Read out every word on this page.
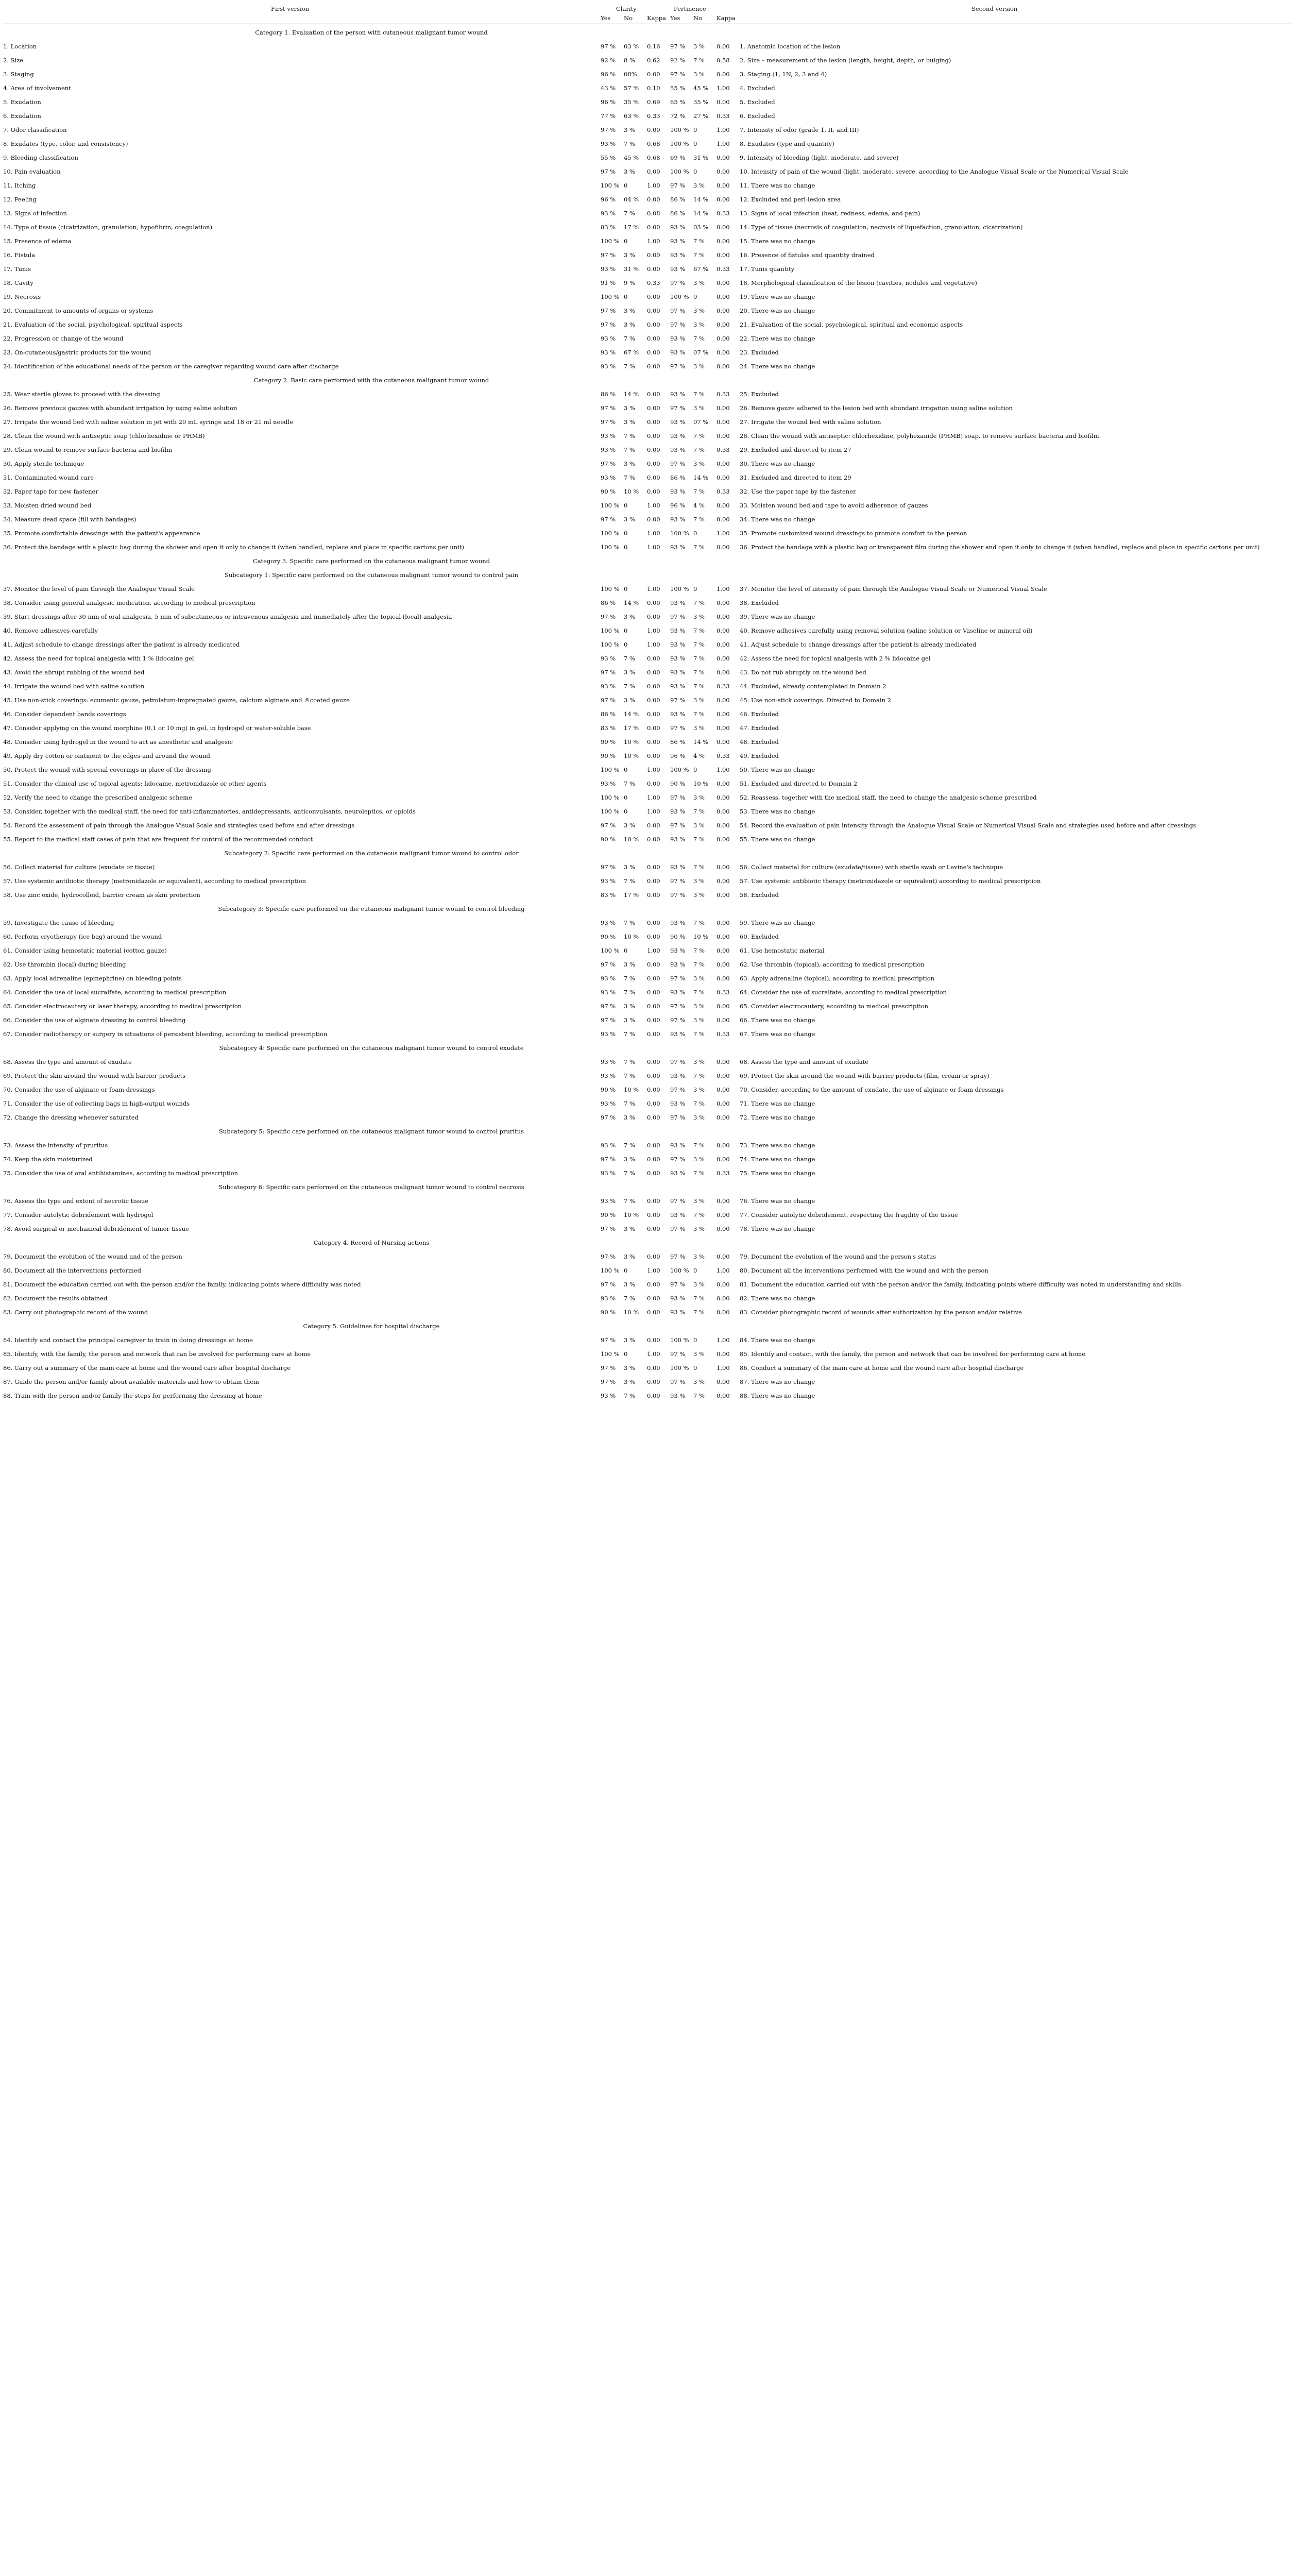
First version	Clarity	Pertinence	Second version
Yes No Kappa Yes No Kappa
Category 1. Evaluation of the person with cutaneous malignant tumor wound
1. Location	97 %	03 %	0.16	97 %	3 %	0.00	1. Anatomic location of the lesion
2. Size	92 %	8 %	0.62	92 %	7 %	0.58	2. Size – measurement of the lesion (length, height, depth, or bulging)
3. Staging	96 %	08%	0.00	97 %	3 %	0.00	3. Staging (1, 1N, 2, 3 and 4)
4. Area of involvement	43 %	57 %	0.10	55 %	45 %	1.00	4. Excluded
5. Exudation	96 %	35 %	0.69	65 %	35 %	0.00	5. Excluded
6. Exudation	77 %	63 %	0.33	72 %	27 %	0.33	6. Excluded
7. Odor classification	97 %	3 %	0.00	100 % 0	1.00	7. Intensity of odor (grade 1, II, and III)
8. Exudates (type, color, and consistency)	93 %	7 %	0.68	100 % 0	1.00	8. Exudates (type and quantity)
9. Bleeding classification	55 %	45 %	0.68	69 %	31 %	0.00	9. Intensity of bleeding (light, moderate, and severe)
10. Pain evaluation	97 %	3 %	0.00	100 % 0	0.00	10. Intensity of pain of the wound (light, moderate, severe, according to the Analogue Visual Scale or the Numerical Visual Scale
11. Itching	100 % 0	1.00	97 %	3 %	0.00	11. There was no change
12. Peeling	96 %	04 %	0.00	86 %	14 %	0.00	12. Excluded and peri-lesion area
13. Signs of infection	93 %	7 %	0.08	86 %	14 %	0.33	13. Signs of local infection (heat, redness, edema, and pain)
14. Type of tissue (cicatrization, granulation, hypofibrin, coagulation)	83 %	17 %	0.00	93 %	03 %	0.00	14. Type of tissue (necrosis of coagulation, necrosis of liquefaction, granulation, cicatrization)
15. Presence of edema	100 % 0	1.00	93 %	7 %	0.00	15. There was no change
16. Fistula	97 %	3 %	0.00	93 %	7 %	0.00	16. Presence of fistulas and quantity drained
17. Tunis	93 %	31 %	0.00	93 %	67 %	0.33	17. Tunis quantity
18. Cavity	91 %	9 %	0.33	97 %	3 %	0.00	18. Morphological classification of the lesion (cavities, nodules and vegetative)
19. Necrosis	100 % 0	0.00	100 % 0	0.00	19. There was no change
20. Commitment to amounts of organs or systems	97 %	3 %	0.00	97 %	3 %	0.00	20. There was no change
21. Evaluation of the social, psychological, spiritual aspects	97 %	3 %	0.00	97 %	3 %	0.00	21. Evaluation of the social, psychological, spiritual and economic aspects
22. Progression or change of the wound	93 %	7 %	0.00	93 %	7 %	0.00	22. There was no change
23. On-cutaneous/gastric products for the wound	93 %	67 %	0.00	93 %	07 %	0.00	23. Excluded
24. Identification of the educational needs of the person or the caregiver regarding wound care after discharge	93 %	7 %	0.00	97 %	3 %	0.00	24. There was no change
Category 2. Basic care performed with the cutaneous malignant tumor wound
25. Wear sterile gloves to proceed with the dressing	86 %	14 %	0.00	93 %	7 %	0.33	25. Excluded
26. Remove previous gauzes with abundant irrigation by using saline solution	97 %	3 %	0.00	97 %	3 %	0.00	26. Remove gauze adhered to the lesion bed with abundant irrigation using saline solution
27. Irrigate the wound bed with saline solution in jet with 20 mL syringe and 18 or 21 ml needle	97 %	3 %	0.00	93 %	07 %	0.00	27. Irrigate the wound bed with saline solution
28. Clean the wound with antiseptic soap (chlorhexidine or PHMB)	93 %	7 %	0.00	93 %	7 %	0.00	28. Clean the wound with antiseptic: chlorhexidine, polyhexanide (PHMB) soap, to remove surface bacteria and biofilm
29. Clean wound to remove surface bacteria and biofilm	93 %	7 %	0.00	93 %	7 %	0.33	29. Excluded and directed to item 27
30. Apply sterile technique	97 %	3 %	0.00	97 %	3 %	0.00	30. There was no change
31. Contaminated wound care	93 %	7 %	0.00	86 %	14 %	0.00	31. Excluded and directed to item 29
32. Paper tape for new fastener	90 %	10 %	0.00	93 %	7 %	0.33	32. Use the paper tape by the fastener
33. Moisten dried wound bed	100 % 0	1.00	96 %	4 %	0.00	33. Moisten wound bed and tape to avoid adherence of gauzes
34. Measure dead space (fill with bandages)	97 %	3 %	0.00	93 %	7 %	0.00	34. There was no change
35. Promote comfortable dressings with the patient's appearance	100 % 0	1.00	100 % 0	1.00	35. Promote customized wound dressings to promote comfort to the person
36. Protect the bandage with a plastic bag during the shower and open it only to change it (when handled, replace and place in specific cartons per unit)	100 % 0	1.00	93 %	7 %	0.00	36. Protect the bandage with a plastic bag or transparent film during the shower and open it only to change it (when handled, replace and place in specific cartons per unit)
Category 3. Specific care performed on the cutaneous malignant tumor wound
Subcategory 1: Specific care performed on the cutaneous malignant tumor wound to control pain
37. Monitor the level of pain through the Analogue Visual Scale	100 % 0	1.00	100 % 0	1.00	37. Monitor the level of intensity of pain through the Analogue Visual Scale or Numerical Visual Scale
38. Consider using general analgesic medication, according to medical prescription	86 %	14 %	0.00	93 %	7 %	0.00	38. Excluded
39. Start dressings after 30 min of oral analgesia, 5 min of subcutaneous or intravenous analgesia and immediately after the topical (local) analgesia	97 %	3 %	0.00	97 %	3 %	0.00	39. There was no change
40. Remove adhesives carefully	100 % 0	1.00	93 %	7 %	0.00	40. Remove adhesives carefully using removal solution (saline solution or Vaseline or mineral oil)
41. Adjust schedule to change dressings after the patient is already medicated	100 % 0	1.00	93 %	7 %	0.00	41. Adjust schedule to change dressings after the patient is already medicated
42. Assess the need for topical analgesia with 1 % lidocaine gel	93 %	7 %	0.00	93 %	7 %	0.00	42. Assess the need for topical analgesia with 2 % lidocaine gel
43. Avoid the abrupt rubbing of the wound bed	97 %	3 %	0.00	93 %	7 %	0.00	43. Do not rub abruptly on the wound bed
44. Irrigate the wound bed with saline solution	93 %	7 %	0.00	93 %	7 %	0.33	44. Excluded, already contemplated in Domain 2
45. Use non-stick coverings: ecumenic gauze, petrolatum-impregnated gauze, calcium alginate and ®coated gauze	97 %	3 %	0.00	97 %	3 %	0.00	45. Use non-stick coverings. Directed to Domain 2
46. Consider dependent bands coverings	86 %	14 %	0.00	93 %	7 %	0.00	46. Excluded
47. Consider applying on the wound morphine (0.1 or 10 mg) in gel, in hydrogel or water-soluble base	83 %	17 %	0.00	97 %	3 %	0.00	47. Excluded
48. Consider using hydrogel in the wound to act as anesthetic and analgesic	90 %	10 %	0.00	86 %	14 %	0.00	48. Excluded
49. Apply dry cotton or ointment to the edges and around the wound	90 %	10 %	0.00	96 %	4 %	0.33	49. Excluded
50. Protect the wound with special coverings in place of the dressing	100 % 0	1.00	100 % 0	1.00	50. There was no change
51. Consider the clinical use of topical agents: lidocaine, metronidazole or other agents	93 %	7 %	0.00	90 %	10 %	0.00	51. Excluded and directed to Domain 2
52. Verify the need to change the prescribed analgesic scheme	100 % 0	1.00	97 %	3 %	0.00	52. Reassess, together with the medical staff, the need to change the analgesic scheme prescribed
53. Consider, together with the medical staff, the need for anti-inflammatories, antidepressants, anticonvulsants, neuroleptics, or opioids	100 % 0	1.00	93 %	7 %	0.00	53. There was no change
54. Record the assessment of pain through the Analogue Visual Scale and strategies used before and after dressings	97 %	3 %	0.00	97 %	3 %	0.00	54. Record the evaluation of pain intensity through the Analogue Visual Scale or Numerical Visual Scale and strategies used before and after dressings
55. Report to the medical staff cases of pain that are frequent for control of the recommended conduct	90 %	10 %	0.00	93 %	7 %	0.00	55. There was no change
Subcategory 2: Specific care performed on the cutaneous malignant tumor wound to control odor
56. Collect material for culture (exudate or tissue)	97 %	3 %	0.00	93 %	7 %	0.00	56. Collect material for culture (exudate/tissue) with sterile swab or Levine's technique
57. Use systemic antibiotic therapy (metronidazole or equivalent), according to medical prescription	93 %	7 %	0.00	97 %	3 %	0.00	57. Use systemic antibiotic therapy (metronidazole or equivalent) according to medical prescription
58. Use zinc oxide, hydrocolloid, barrier cream as skin protection	83 %	17 %	0.00	97 %	3 %	0.00	58. Excluded
Subcategory 3: Specific care performed on the cutaneous malignant tumor wound to control bleeding
59. Investigate the cause of bleeding	93 %	7 %	0.00	93 %	7 %	0.00	59. There was no change
60. Perform cryotherapy (ice bag) around the wound	90 %	10 %	0.00	90 %	10 %	0.00	60. Excluded
61. Consider using hemostatic material (cotton gauze)	100 % 0	1.00	93 %	7 %	0.00	61. Use hemostatic material
62. Use thrombin (local) during bleeding	97 %	3 %	0.00	93 %	7 %	0.00	62. Use thrombin (topical), according to medical prescription
63. Apply local adrenaline (epinephrine) on bleeding points	93 %	7 %	0.00	97 %	3 %	0.00	63. Apply adrenaline (topical), according to medical prescription
64. Consider the use of local sucralfate, according to medical prescription	93 %	7 %	0.00	93 %	7 %	0.33	64. Consider the use of sucralfate, according to medical prescription
65. Consider electrocautery or laser therapy, according to medical prescription	97 %	3 %	0.00	97 %	3 %	0.00	65. Consider electrocautery, according to medical prescription
66. Consider the use of alginate dressing to control bleeding	97 %	3 %	0.00	97 %	3 %	0.00	66. There was no change
67. Consider radiotherapy or surgery in situations of persistent bleeding, according to medical prescription	93 %	7 %	0.00	93 %	7 %	0.33	67. There was no change
Subcategory 4: Specific care performed on the cutaneous malignant tumor wound to control exudate
68. Assess the type and amount of exudate	93 %	7 %	0.00	97 %	3 %	0.00	68. Assess the type and amount of exudate
69. Protect the skin around the wound with barrier products	93 %	7 %	0.00	93 %	7 %	0.00	69. Protect the skin around the wound with barrier products (film, cream or spray)
70. Consider the use of alginate or foam dressings	90 %	10 %	0.00	97 %	3 %	0.00	70. Consider, according to the amount of exudate, the use of alginate or foam dressings
71. Consider the use of collecting bags in high-output wounds	93 %	7 %	0.00	93 %	7 %	0.00	71. There was no change
72. Change the dressing whenever saturated	97 %	3 %	0.00	97 %	3 %	0.00	72. There was no change
Subcategory 5: Specific care performed on the cutaneous malignant tumor wound to control pruritus
73. Assess the intensity of pruritus	93 %	7 %	0.00	93 %	7 %	0.00	73. There was no change
74. Keep the skin moisturized	97 %	3 %	0.00	97 %	3 %	0.00	74. There was no change
75. Consider the use of oral antihistamines, according to medical prescription	93 %	7 %	0.00	93 %	7 %	0.33	75. There was no change
Subcategory 6: Specific care performed on the cutaneous malignant tumor wound to control necrosis
76. Assess the type and extent of necrotic tissue	93 %	7 %	0.00	97 %	3 %	0.00	76. There was no change
77. Consider autolytic debridement with hydrogel	90 %	10 %	0.00	93 %	7 %	0.00	77. Consider autolytic debridement, respecting the fragility of the tissue
78. Avoid surgical or mechanical debridement of tumor tissue	97 %	3 %	0.00	97 %	3 %	0.00	78. There was no change
Category 4. Record of Nursing actions
79. Document the evolution of the wound and of the person	97 %	3 %	0.00	97 %	3 %	0.00	79. Document the evolution of the wound and the person's status
80. Document all the interventions performed	100 % 0	1.00	100 % 0	1.00	80. Document all the interventions performed with the wound and with the person
81. Document the education carried out with the person and/or the family, indicating points where difficulty was noted	97 %	3 %	0.00	97 %	3 %	0.00	81. Document the education carried out with the person and/or the family, indicating points where difficulty was noted in understanding and skills
82. Document the results obtained	93 %	7 %	0.00	93 %	7 %	0.00	82. There was no change
83. Carry out photographic record of the wound	90 %	10 %	0.00	93 %	7 %	0.00	83. Consider photographic record of wounds after authorization by the person and/or relative
Category 5. Guidelines for hospital discharge
84. Identify and contact the principal caregiver to train in doing dressings at home	97 %	3 %	0.00	100 % 0	1.00	84. There was no change
85. Identify, with the family, the person and network that can be involved for performing care at home	100 % 0	1.00	97 %	3 %	0.00	85. Identify and contact, with the family, the person and network that can be involved for performing care at home
86. Carry out a summary of the main care at home and the wound care after hospital discharge	97 %	3 %	0.00	100 % 0	1.00	86. Conduct a summary of the main care at home and the wound care after hospital discharge
87. Guide the person and/or family about available materials and how to obtain them	97 %	3 %	0.00	97 %	3 %	0.00	87. There was no change
88. Train with the person and/or family the steps for performing the dressing at home	93 %	7 %	0.00	93 %	7 %	0.00	88. There was no change
